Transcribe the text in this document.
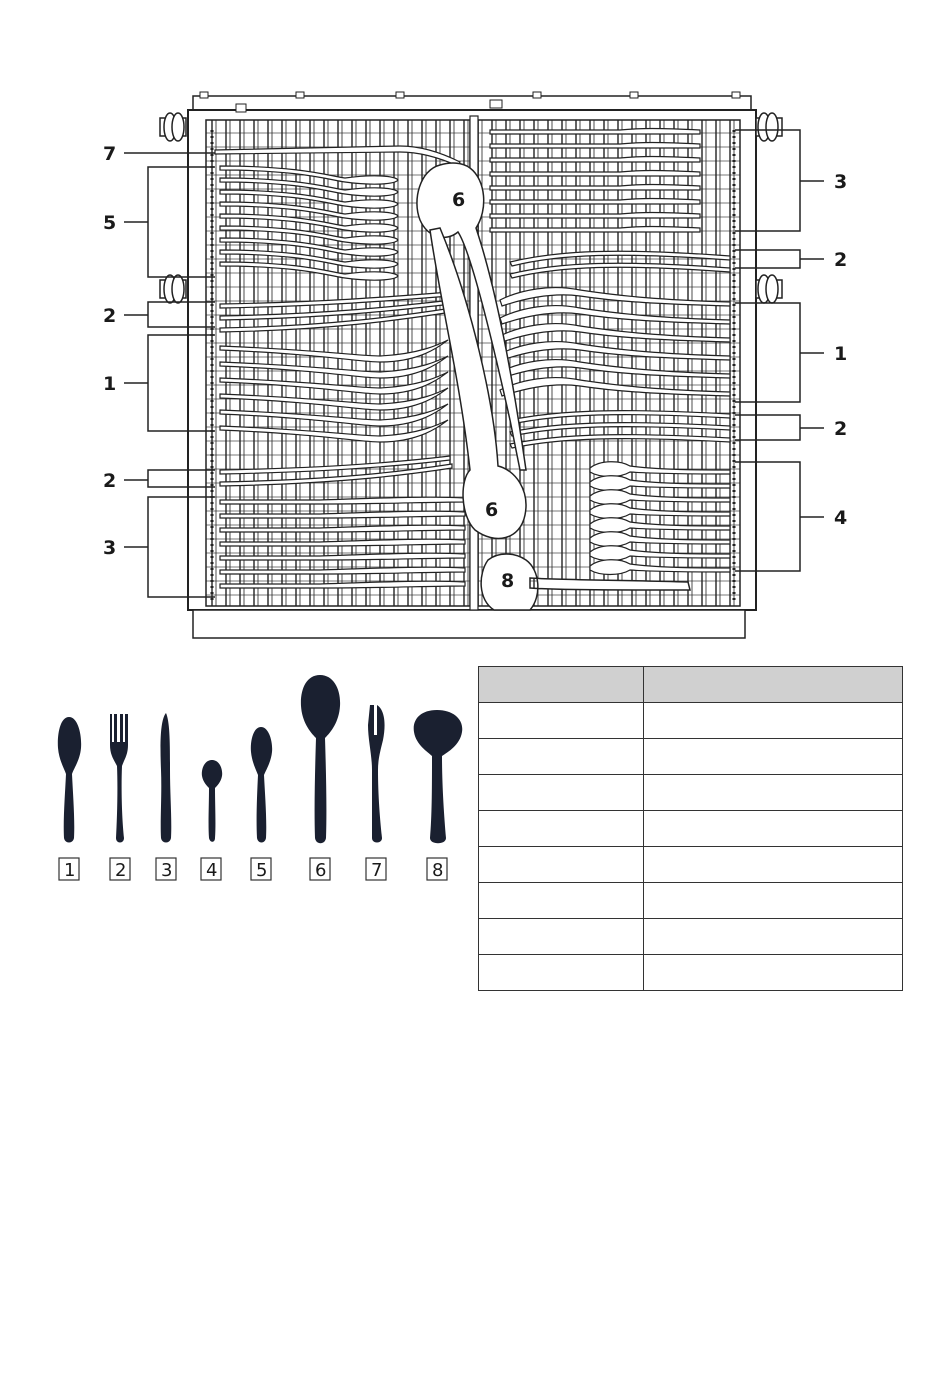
6
6
8
7
5
2
1
2
3
3
2
1
2
4
1 2 3 4 5	6 7	8
